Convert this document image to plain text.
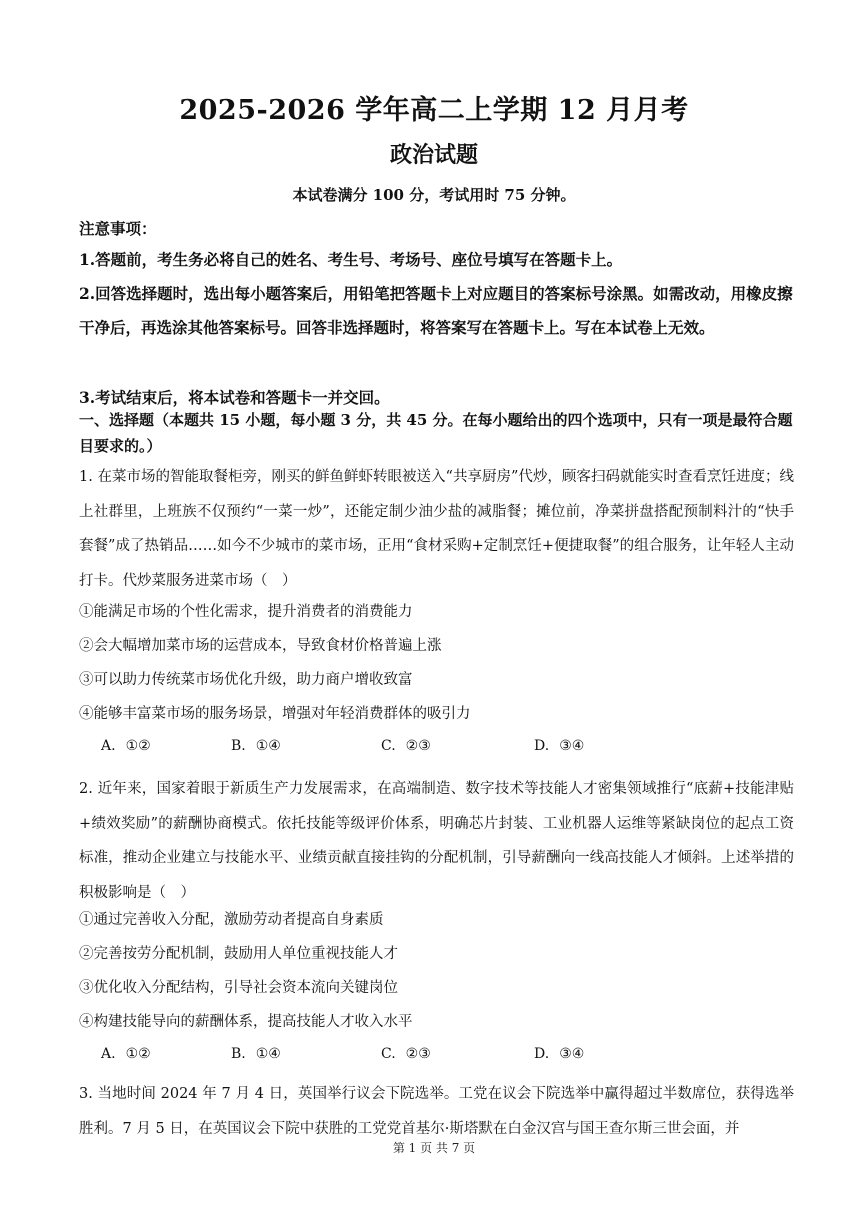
2025-2026 学年高二上学期 12 月月考
政治试题
本试卷满分 100 分，考试用时 75 分钟。
注意事项：
1.答题前，考生务必将自己的姓名、考生号、考场号、座位号填写在答题卡上。
2.回答选择题时，选出每小题答案后，用铅笔把答题卡上对应题目的答案标号涂黑。如需改动，用橡皮擦干净后，再选涂其他答案标号。回答非选择题时，将答案写在答题卡上。写在本试卷上无效。
3.考试结束后，将本试卷和答题卡一并交回。
一、选择题（本题共 15 小题，每小题 3 分，共 45 分。在每小题给出的四个选项中，只有一项是最符合题目要求的。）
1. 在菜市场的智能取餐柜旁，刚买的鲜鱼鲜虾转眼被送入“共享厨房”代炒，顾客扫码就能实时查看烹饪进度；线上社群里，上班族不仅预约“一菜一炒”，还能定制少油少盐的减脂餐；摊位前，净菜拼盘搭配预制料汁的“快手套餐”成了热销品……如今不少城市的菜市场，正用“食材采购+定制烹饪+便捷取餐”的组合服务，让年轻人主动打卡。代炒菜服务进菜市场（　）
①能满足市场的个性化需求，提升消费者的消费能力
②会大幅增加菜市场的运营成本，导致食材价格普遍上涨
③可以助力传统菜市场优化升级，助力商户增收致富
④能够丰富菜市场的服务场景，增强对年轻消费群体的吸引力
A. ①②	B. ①④	C. ②③	D. ③④
2. 近年来，国家着眼于新质生产力发展需求，在高端制造、数字技术等技能人才密集领域推行“底薪+技能津贴+绩效奖励”的薪酬协商模式。依托技能等级评价体系，明确芯片封装、工业机器人运维等紧缺岗位的起点工资标准，推动企业建立与技能水平、业绩贡献直接挂钩的分配机制，引导薪酬向一线高技能人才倾斜。上述举措的积极影响是（　）
①通过完善收入分配，激励劳动者提高自身素质
②完善按劳分配机制，鼓励用人单位重视技能人才
③优化收入分配结构，引导社会资本流向关键岗位
④构建技能导向的薪酬体系，提高技能人才收入水平
A. ①②	B. ①④	C. ②③	D. ③④
3. 当地时间 2024 年 7 月 4 日，英国举行议会下院选举。工党在议会下院选举中赢得超过半数席位，获得选举胜利。7 月 5 日，在英国议会下院中获胜的工党党首基尔·斯塔默在白金汉宫与国王查尔斯三世会面，并
第 1 页 共 7 页
